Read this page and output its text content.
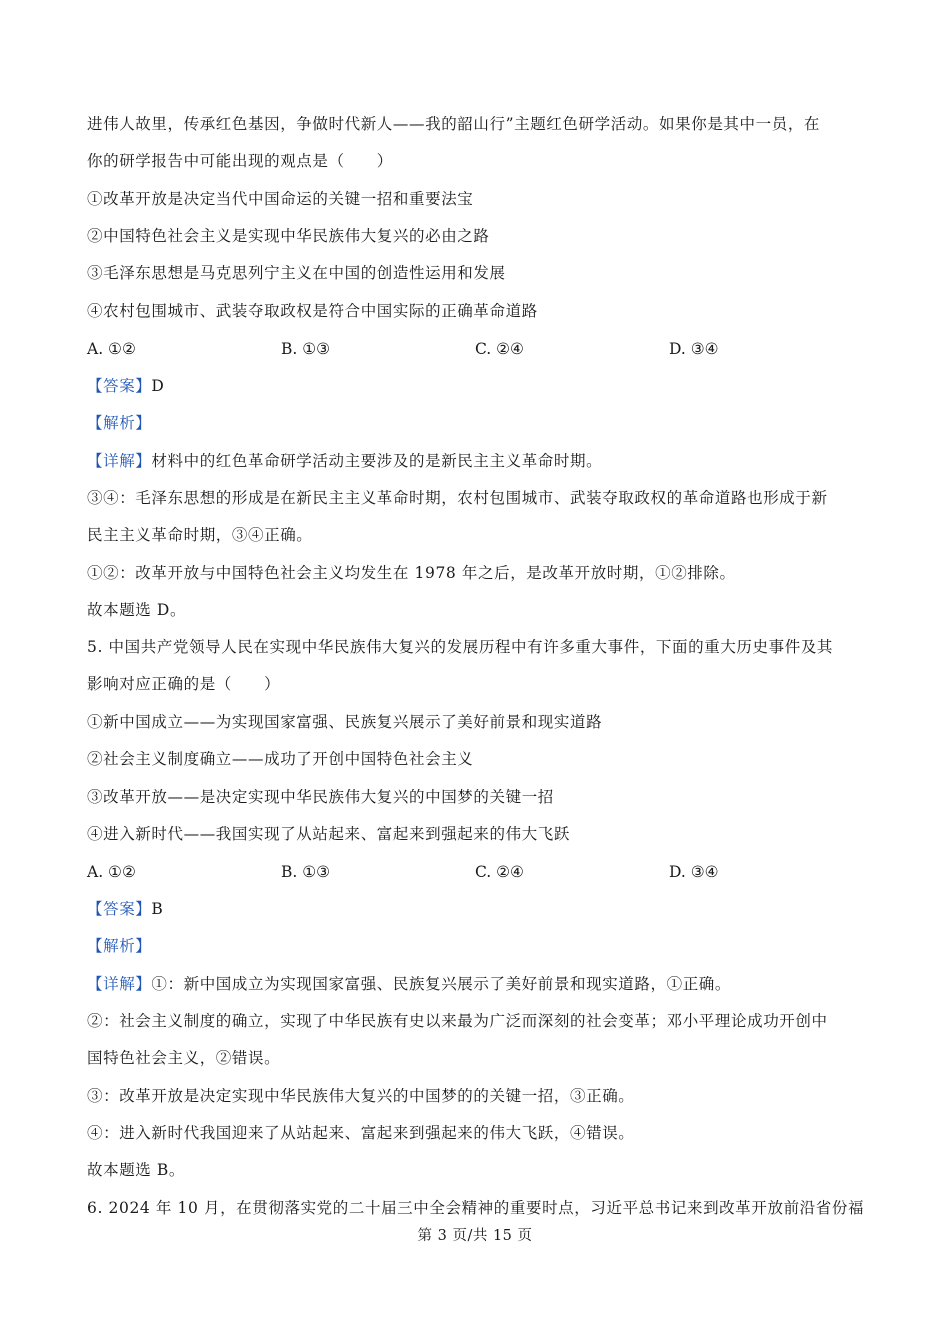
进伟人故里，传承红色基因，争做时代新人——我的韶山行”主题红色研学活动。如果你是其中一员，在
你的研学报告中可能出现的观点是（　　）
①改革开放是决定当代中国命运的关键一招和重要法宝
②中国特色社会主义是实现中华民族伟大复兴的必由之路
③毛泽东思想是马克思列宁主义在中国的创造性运用和发展
④农村包围城市、武装夺取政权是符合中国实际的正确革命道路
A. ①②	B. ①③	C. ②④	D. ③④
【答案】D
【解析】
【详解】材料中的红色革命研学活动主要涉及的是新民主主义革命时期。
③④：毛泽东思想的形成是在新民主主义革命时期，农村包围城市、武装夺取政权的革命道路也形成于新
民主主义革命时期，③④正确。
①②：改革开放与中国特色社会主义均发生在 1978 年之后，是改革开放时期，①②排除。
故本题选 D。
5. 中国共产党领导人民在实现中华民族伟大复兴的发展历程中有许多重大事件，下面的重大历史事件及其
影响对应正确的是（　　）
①新中国成立——为实现国家富强、民族复兴展示了美好前景和现实道路
②社会主义制度确立——成功了开创中国特色社会主义
③改革开放——是决定实现中华民族伟大复兴的中国梦的关键一招
④进入新时代——我国实现了从站起来、富起来到强起来的伟大飞跃
A. ①②	B. ①③	C. ②④	D. ③④
【答案】B
【解析】
【详解】①：新中国成立为实现国家富强、民族复兴展示了美好前景和现实道路，①正确。
②：社会主义制度的确立，实现了中华民族有史以来最为广泛而深刻的社会变革；邓小平理论成功开创中
国特色社会主义，②错误。
③：改革开放是决定实现中华民族伟大复兴的中国梦的的关键一招，③正确。
④：进入新时代我国迎来了从站起来、富起来到强起来的伟大飞跃，④错误。
故本题选 B。
6. 2024 年 10 月，在贯彻落实党的二十届三中全会精神的重要时点，习近平总书记来到改革开放前沿省份福
第 3 页/共 15 页
